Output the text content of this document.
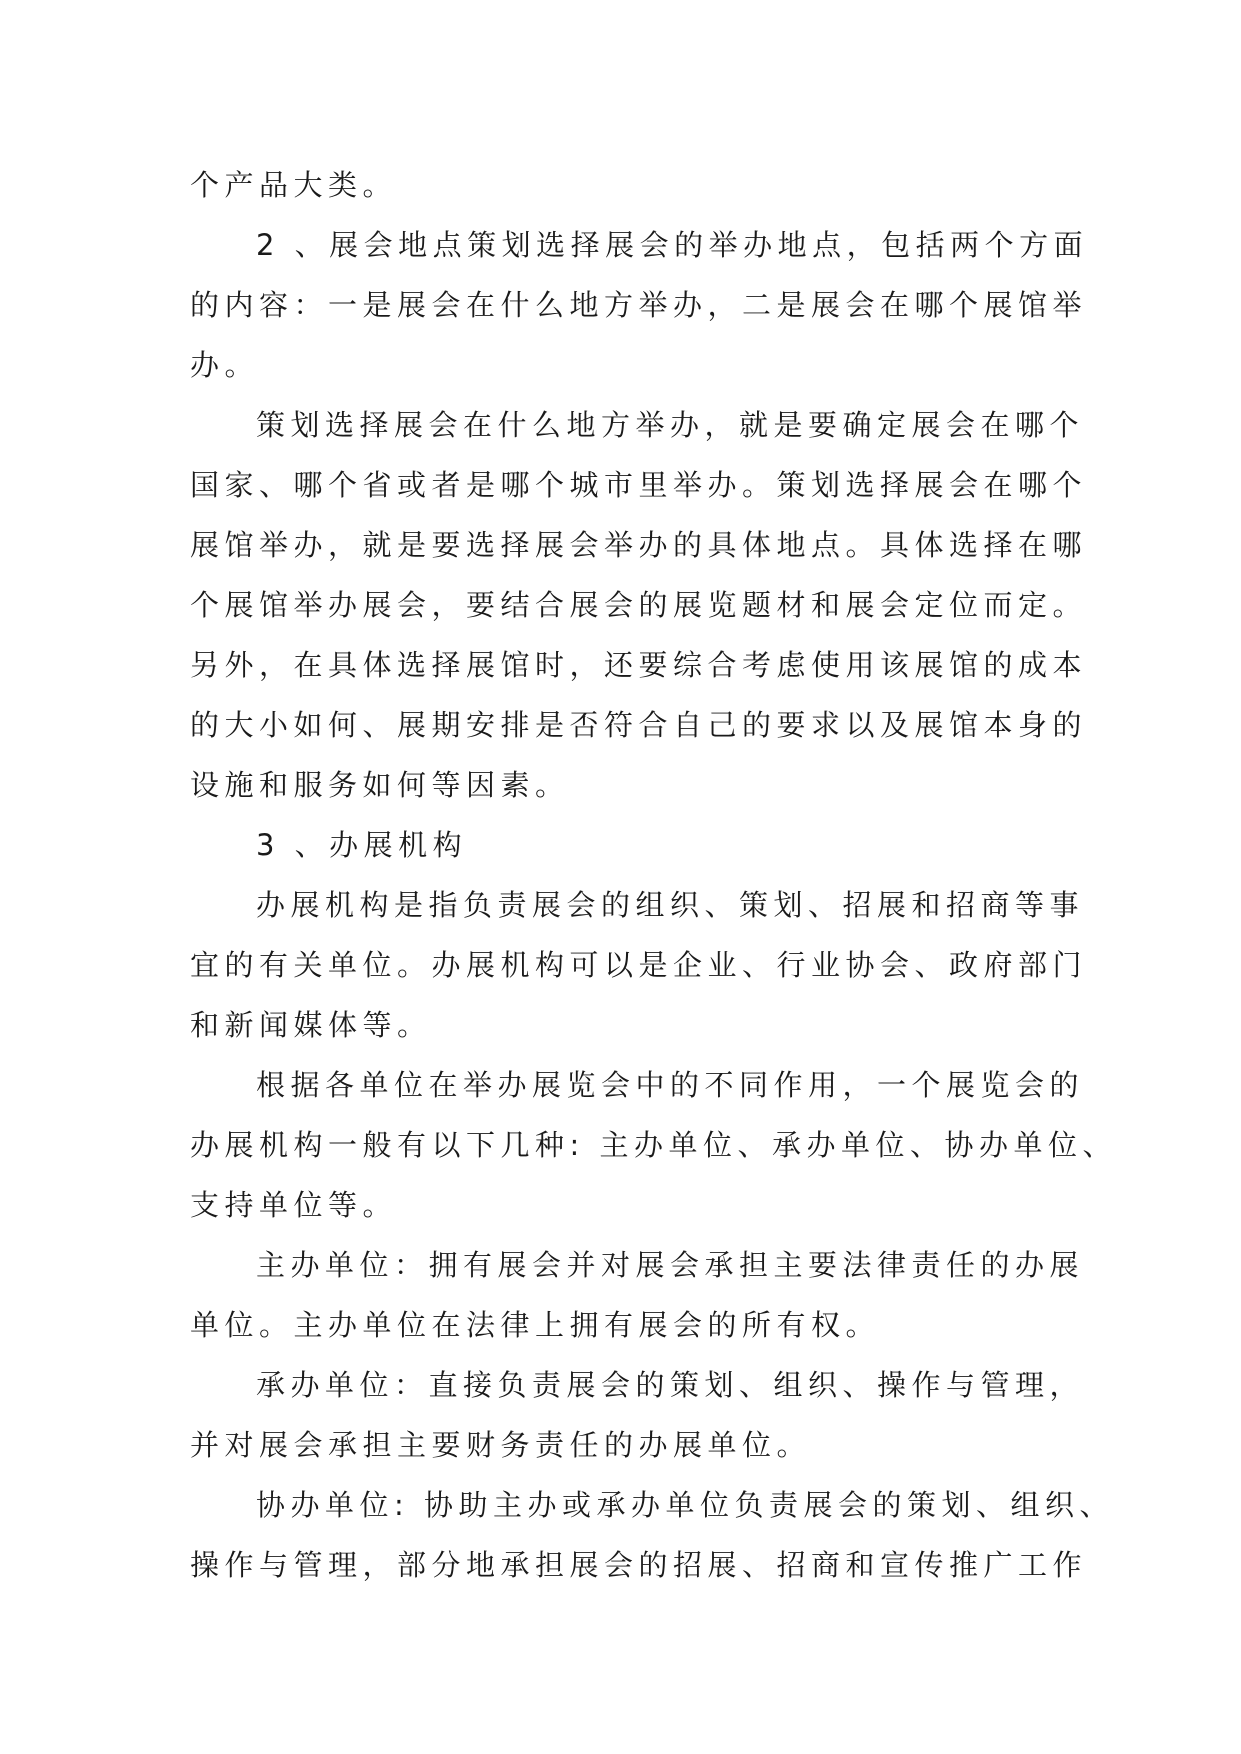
个产品大类。
2 、展会地点策划选择展会的举办地点，包括两个方面
的内容：一是展会在什么地方举办，二是展会在哪个展馆举
办。
策划选择展会在什么地方举办，就是要确定展会在哪个
国家、哪个省或者是哪个城市里举办。策划选择展会在哪个
展馆举办，就是要选择展会举办的具体地点。具体选择在哪
个展馆举办展会，要结合展会的展览题材和展会定位而定。
另外，在具体选择展馆时，还要综合考虑使用该展馆的成本
的大小如何、展期安排是否符合自己的要求以及展馆本身的
设施和服务如何等因素。
3 、办展机构
办展机构是指负责展会的组织、策划、招展和招商等事
宜的有关单位。办展机构可以是企业、行业协会、政府部门
和新闻媒体等。
根据各单位在举办展览会中的不同作用，一个展览会的
办展机构一般有以下几种: 主办单位、承办单位、协办单位、
支持单位等。
主办单位：拥有展会并对展会承担主要法律责任的办展
单位。主办单位在法律上拥有展会的所有权。
承办单位：直接负责展会的策划、组织、操作与管理，
并对展会承担主要财务责任的办展单位。
协办单位: 协助主办或承办单位负责展会的策划、组织、
操作与管理，部分地承担展会的招展、招商和宣传推广工作
